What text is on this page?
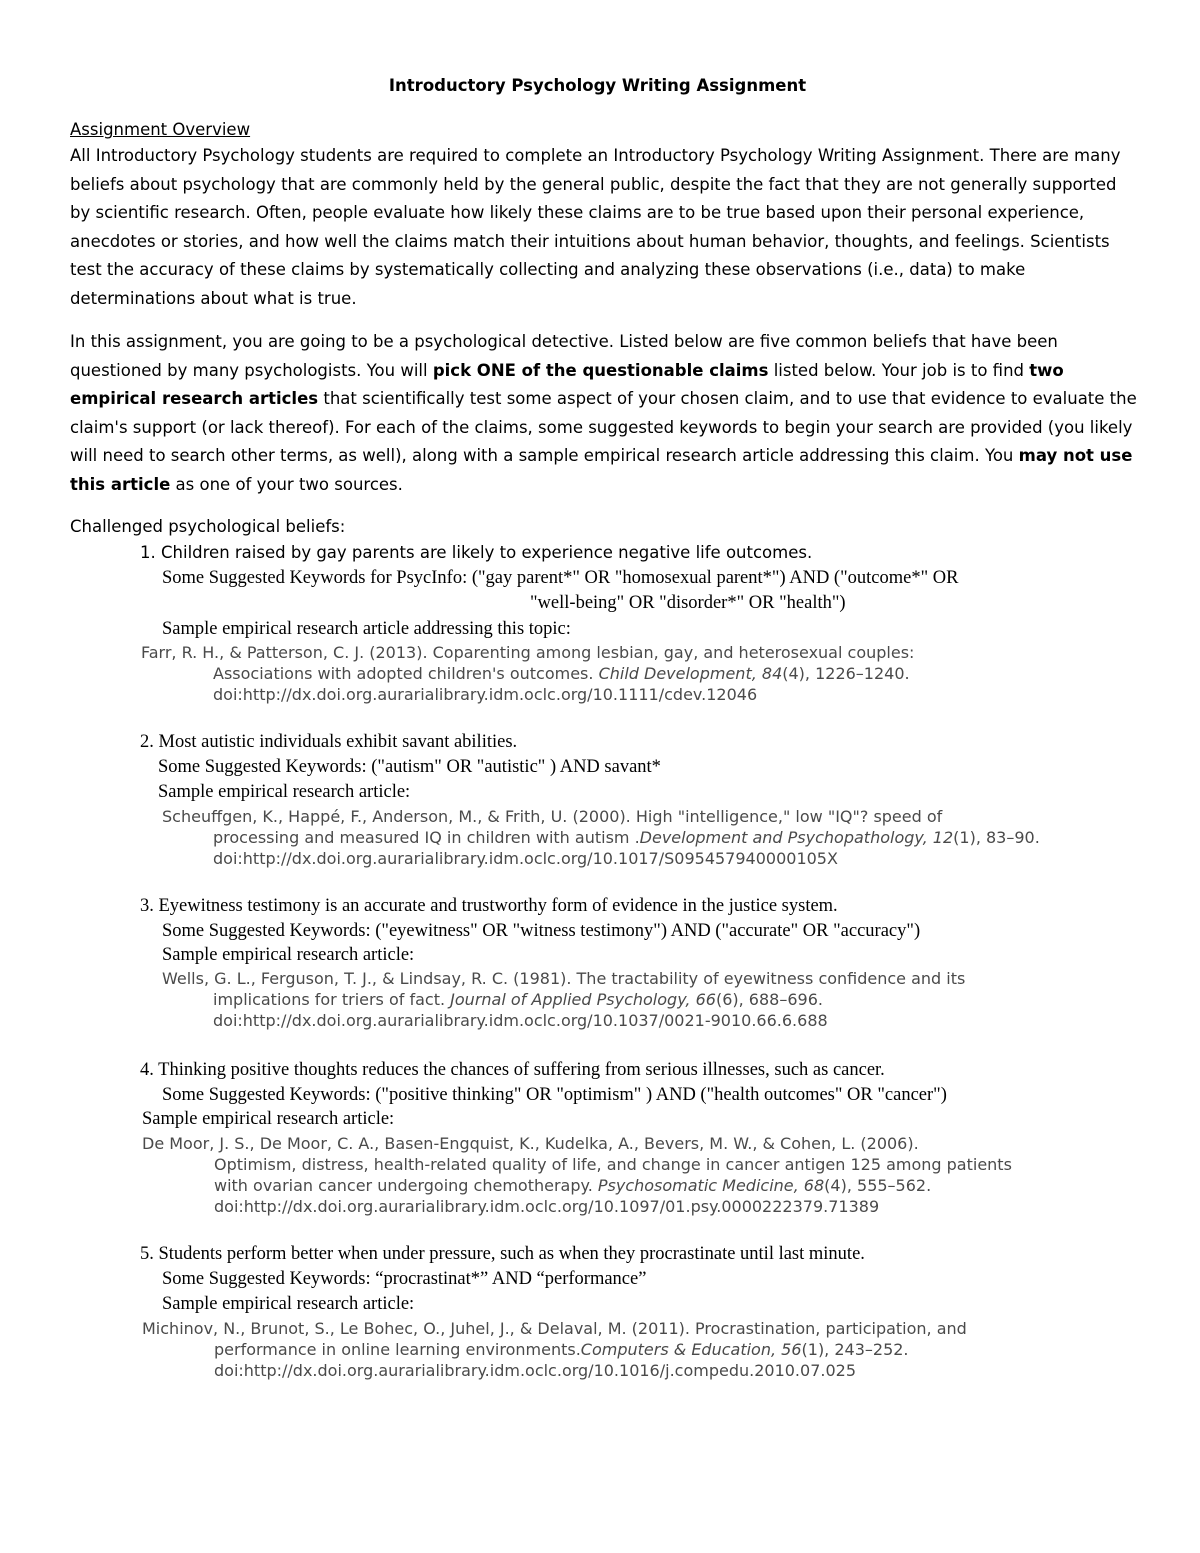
Introductory Psychology Writing Assignment
Assignment Overview
All Introductory Psychology students are required to complete an Introductory Psychology Writing Assignment. There are many beliefs about psychology that are commonly held by the general public, despite the fact that they are not generally supported by scientific research. Often, people evaluate how likely these claims are to be true based upon their personal experience, anecdotes or stories, and how well the claims match their intuitions about human behavior, thoughts, and feelings. Scientists test the accuracy of these claims by systematically collecting and analyzing these observations (i.e., data) to make determinations about what is true.
In this assignment, you are going to be a psychological detective. Listed below are five common beliefs that have been questioned by many psychologists. You will pick ONE of the questionable claims listed below. Your job is to find two empirical research articles that scientifically test some aspect of your chosen claim, and to use that evidence to evaluate the claim's support (or lack thereof). For each of the claims, some suggested keywords to begin your search are provided (you likely will need to search other terms, as well), along with a sample empirical research article addressing this claim. You may not use this article as one of your two sources.
Challenged psychological beliefs:
1. Children raised by gay parents are likely to experience negative life outcomes.
Some Suggested Keywords for PsycInfo: ("gay parent*" OR "homosexual parent*") AND ("outcome*" OR
"well-being" OR "disorder*" OR "health")
Sample empirical research article addressing this topic:
Farr, R. H., & Patterson, C. J. (2013). Coparenting among lesbian, gay, and heterosexual couples:
Associations with adopted children's outcomes. Child Development, 84(4), 1226–1240.
doi:http://dx.doi.org.aurarialibrary.idm.oclc.org/10.1111/cdev.12046
2. Most autistic individuals exhibit savant abilities.
Some Suggested Keywords: ("autism" OR "autistic" ) AND savant*
Sample empirical research article:
Scheuffgen, K., Happé, F., Anderson, M., & Frith, U. (2000). High "intelligence," low "IQ"? speed of
processing and measured IQ in children with autism .Development and Psychopathology, 12(1), 83–90.
doi:http://dx.doi.org.aurarialibrary.idm.oclc.org/10.1017/S095457940000105X
3. Eyewitness testimony is an accurate and trustworthy form of evidence in the justice system.
Some Suggested Keywords: ("eyewitness" OR "witness testimony") AND ("accurate" OR "accuracy")
Sample empirical research article:
Wells, G. L., Ferguson, T. J., & Lindsay, R. C. (1981). The tractability of eyewitness confidence and its
implications for triers of fact. Journal of Applied Psychology, 66(6), 688–696.
doi:http://dx.doi.org.aurarialibrary.idm.oclc.org/10.1037/0021-9010.66.6.688
4. Thinking positive thoughts reduces the chances of suffering from serious illnesses, such as cancer.
Some Suggested Keywords: ("positive thinking" OR "optimism" ) AND ("health outcomes" OR "cancer")
Sample empirical research article:
De Moor, J. S., De Moor, C. A., Basen-Engquist, K., Kudelka, A., Bevers, M. W., & Cohen, L. (2006).
Optimism, distress, health-related quality of life, and change in cancer antigen 125 among patients
with ovarian cancer undergoing chemotherapy. Psychosomatic Medicine, 68(4), 555–562.
doi:http://dx.doi.org.aurarialibrary.idm.oclc.org/10.1097/01.psy.0000222379.71389
5. Students perform better when under pressure, such as when they procrastinate until last minute.
Some Suggested Keywords: “procrastinat*” AND “performance”
Sample empirical research article:
Michinov, N., Brunot, S., Le Bohec, O., Juhel, J., & Delaval, M. (2011). Procrastination, participation, and
performance in online learning environments.Computers & Education, 56(1), 243–252.
doi:http://dx.doi.org.aurarialibrary.idm.oclc.org/10.1016/j.compedu.2010.07.025
